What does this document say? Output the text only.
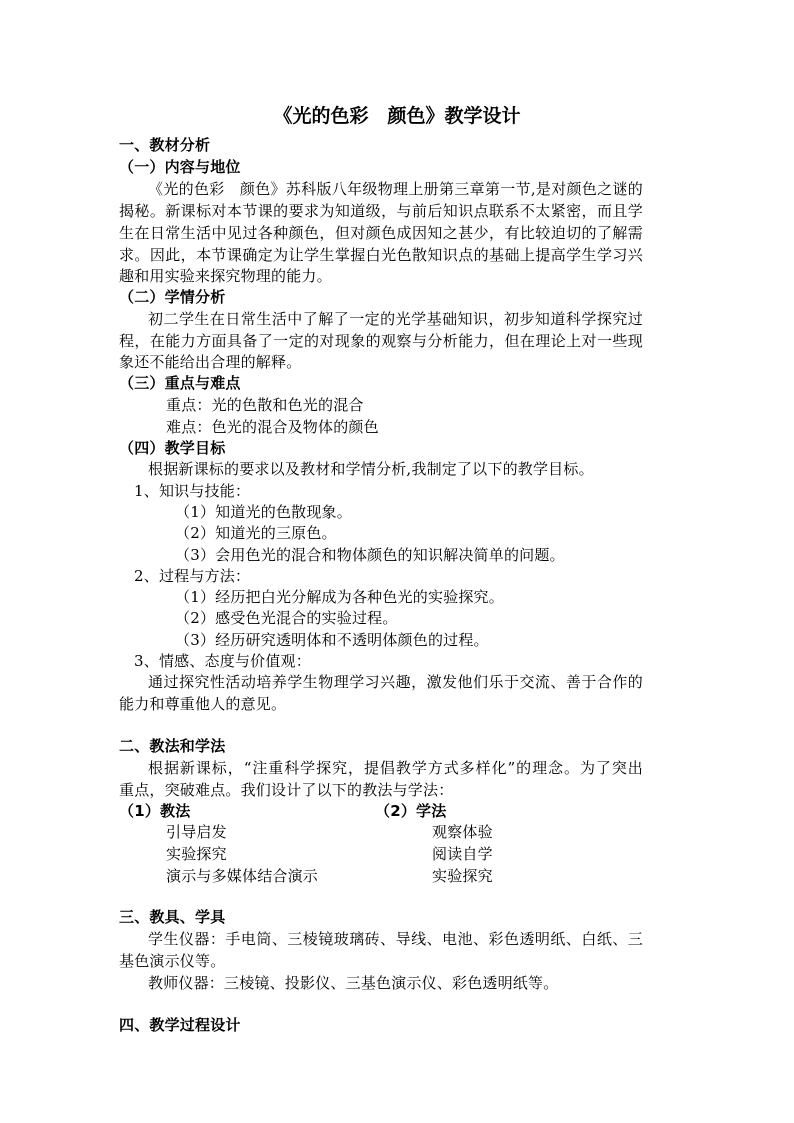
《光的色彩　颜色》教学设计
一、教材分析
（一）内容与地位
《光的色彩　颜色》苏科版八年级物理上册第三章第一节,是对颜色之谜的
揭秘。新课标对本节课的要求为知道级，与前后知识点联系不太紧密，而且学
生在日常生活中见过各种颜色，但对颜色成因知之甚少，有比较迫切的了解需
求。因此，本节课确定为让学生掌握白光色散知识点的基础上提高学生学习兴
趣和用实验来探究物理的能力。
（二）学情分析
初二学生在日常生活中了解了一定的光学基础知识，初步知道科学探究过
程，在能力方面具备了一定的对现象的观察与分析能力，但在理论上对一些现
象还不能给出合理的解释。
（三）重点与难点
重点：光的色散和色光的混合
难点：色光的混合及物体的颜色
（四）教学目标
根据新课标的要求以及教材和学情分析,我制定了以下的教学目标。
1、知识与技能：
（1）知道光的色散现象。
（2）知道光的三原色。
（3）会用色光的混合和物体颜色的知识解决简单的问题。
2、过程与方法：
（1）经历把白光分解成为各种色光的实验探究。
（2）感受色光混合的实验过程。
（3）经历研究透明体和不透明体颜色的过程。
3、情感、态度与价值观：
通过探究性活动培养学生物理学习兴趣，激发他们乐于交流、善于合作的
能力和尊重他人的意见。
二、教法和学法
根据新课标，“注重科学探究，提倡教学方式多样化”的理念。为了突出
重点，突破难点。我们设计了以下的教法与学法：
（1）教法	（2）学法
引导启发
实验探究
演示与多媒体结合演示
观察体验
阅读自学
实验探究
三、教具、学具
学生仪器：手电筒、三棱镜玻璃砖、导线、电池、彩色透明纸、白纸、三
基色演示仪等。
教师仪器：三棱镜、投影仪、三基色演示仪、彩色透明纸等。
四、教学过程设计
